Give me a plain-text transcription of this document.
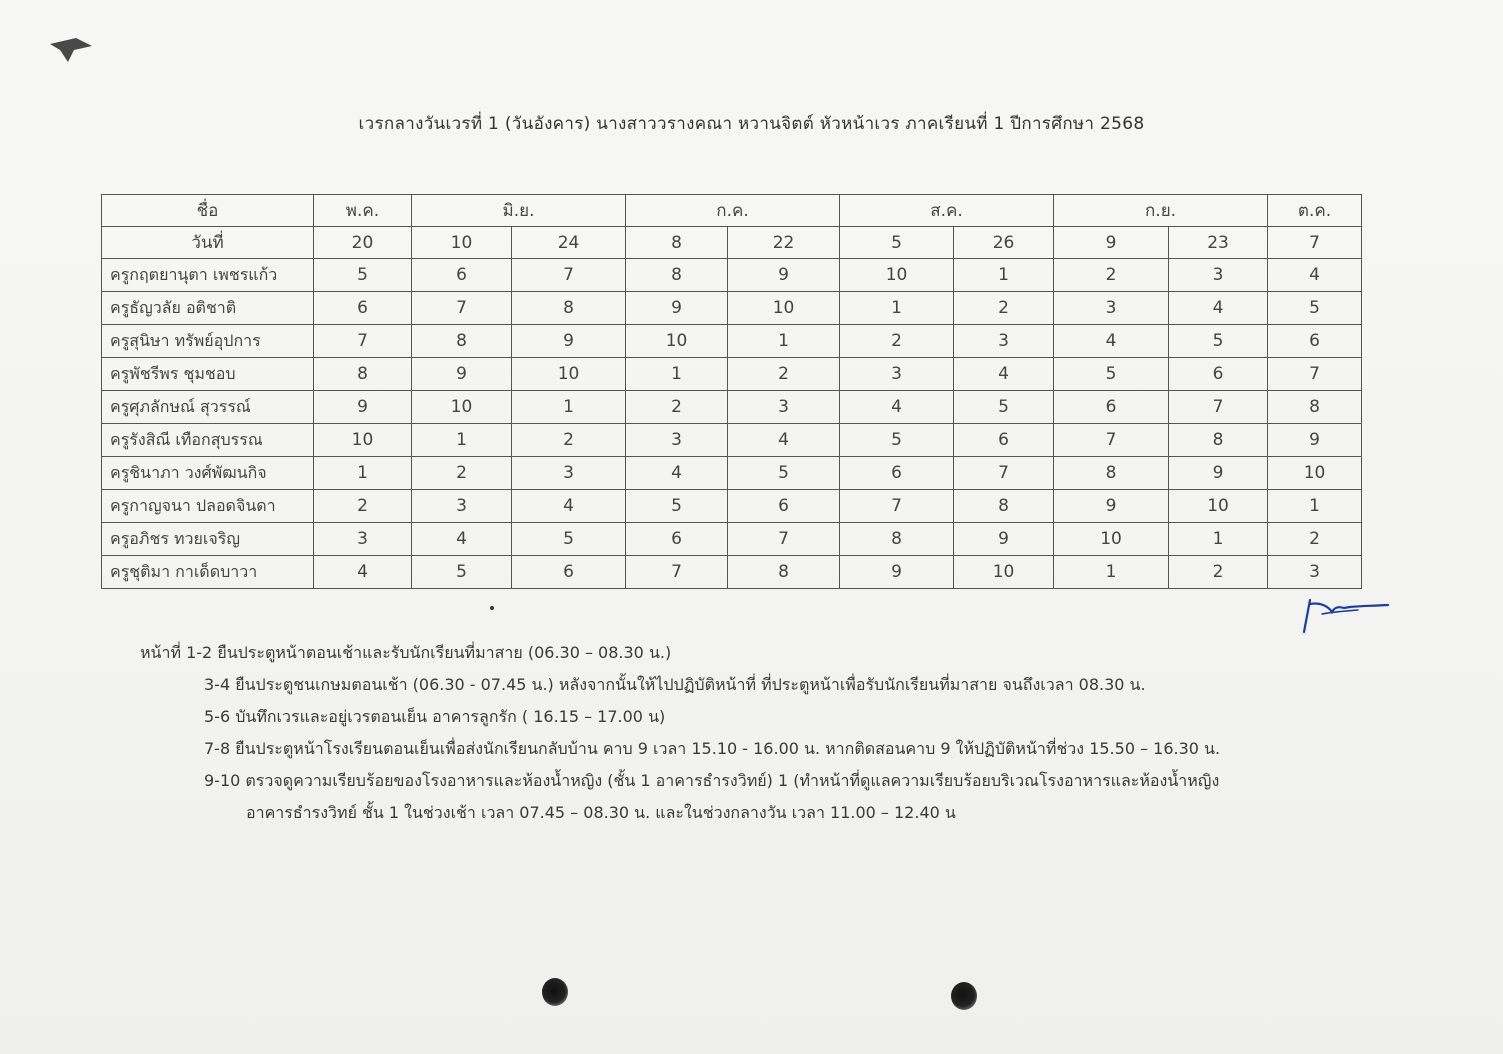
เวรกลางวันเวรที่ 1 (วันอังคาร) นางสาววรางคณา หวานจิตต์ หัวหน้าเวร ภาคเรียนที่ 1 ปีการศึกษา 2568
ชื่อ	พ.ค.	มิ.ย.		ก.ค.		ส.ค.		ก.ย.		ต.ค.
วันที่	20	10	24	8	22	5	26	9	23	7
ครูกฤตยานุตา เพชรแก้ว	5	6	7	8	9	10	1	2	3	4
ครูธัญวลัย อติชาติ	6	7	8	9	10	1	2	3	4	5
ครูสุนิษา ทรัพย์อุปการ	7	8	9	10	1	2	3	4	5	6
ครูพัชรีพร ชุมชอบ	8	9	10	1	2	3	4	5	6	7
ครูศุภลักษณ์ สุวรรณ์	9	10	1	2	3	4	5	6	7	8
ครูรังสิณี เทือกสุบรรณ	10	1	2	3	4	5	6	7	8	9
ครูชินาภา วงศ์พัฒนกิจ	1	2	3	4	5	6	7	8	9	10
ครูกาญจนา ปลอดจินดา	2	3	4	5	6	7	8	9	10	1
ครูอภิชร ทวยเจริญ	3	4	5	6	7	8	9	10	1	2
ครูชุติมา กาเด็ดบาวา	4	5	6	7	8	9	10	1	2	3
หน้าที่ 1-2 ยืนประตูหน้าตอนเช้าและรับนักเรียนที่มาสาย (06.30 – 08.30 น.)
3-4 ยืนประตูชนเกษมตอนเช้า (06.30 - 07.45 น.) หลังจากนั้นให้ไปปฏิบัติหน้าที่ ที่ประตูหน้าเพื่อรับนักเรียนที่มาสาย จนถึงเวลา 08.30 น.
5-6 บันทึกเวรและอยู่เวรตอนเย็น อาคารลูกรัก ( 16.15 – 17.00 น)
7-8 ยืนประตูหน้าโรงเรียนตอนเย็นเพื่อส่งนักเรียนกลับบ้าน คาบ 9 เวลา 15.10 - 16.00 น. หากติดสอนคาบ 9 ให้ปฏิบัติหน้าที่ช่วง 15.50 – 16.30 น.
9-10 ตรวจดูความเรียบร้อยของโรงอาหารและห้องน้ำหญิง (ชั้น 1 อาคารธำรงวิทย์) 1 (ทำหน้าที่ดูแลความเรียบร้อยบริเวณโรงอาหารและห้องน้ำหญิง
อาคารธำรงวิทย์ ชั้น 1 ในช่วงเช้า เวลา 07.45 – 08.30 น. และในช่วงกลางวัน เวลา 11.00 – 12.40 น
